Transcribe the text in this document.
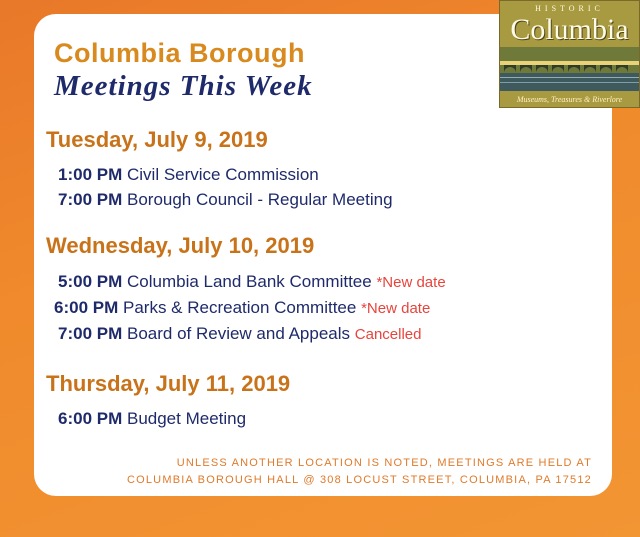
HISTORIC
Columbia
Museums, Treasures & Riverlore
Columbia Borough
Meetings This Week
Tuesday, July 9, 2019

1:00 PM Civil Service Commission

7:00 PM Borough Council - Regular Meeting

Wednesday, July 10, 2019

5:00 PM Columbia Land Bank Committee *New date

6:00 PM Parks & Recreation Committee *New date

7:00 PM Board of Review and Appeals Cancelled

Thursday, July 11, 2019

6:00 PM Budget Meeting

UNLESS ANOTHER LOCATION IS NOTED, MEETINGS ARE HELD AT
COLUMBIA BOROUGH HALL @ 308 LOCUST STREET, COLUMBIA, PA 17512
